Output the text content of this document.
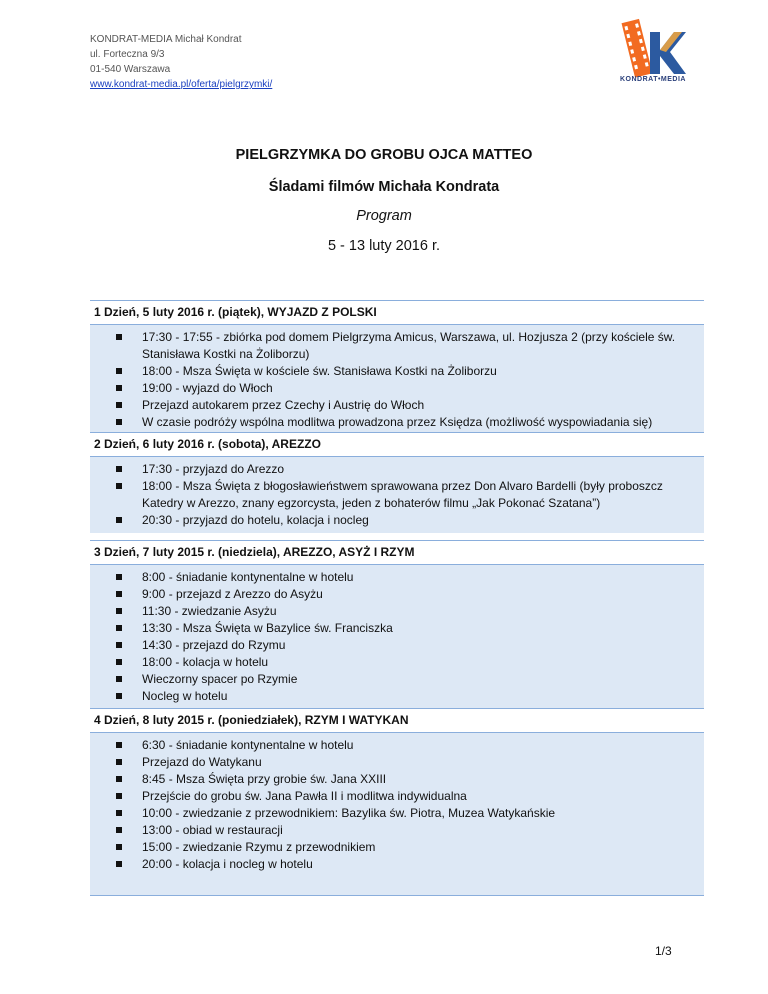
KONDRAT-MEDIA Michał Kondrat
ul. Forteczna 9/3
01-540 Warszawa
www.kondrat-media.pl/oferta/pielgrzymki/	KONDRAT•MEDIA
PIELGRZYMKA DO GROBU OJCA MATTEO
Śladami filmów Michała Kondrata
Program
5 - 13 luty 2016 r.
1 Dzień, 5 luty 2016 r. (piątek), WYJAZD Z POLSKI
17:30 - 17:55 - zbiórka pod domem Pielgrzyma Amicus, Warszawa, ul. Hozjusza 2 (przy kościele św. Stanisława Kostki na Żoliborzu)
18:00 - Msza Święta w kościele św. Stanisława Kostki na Żoliborzu
19:00 - wyjazd do Włoch
Przejazd autokarem przez Czechy i Austrię do Włoch
W czasie podróży wspólna modlitwa prowadzona przez Księdza (możliwość wyspowiadania się)
2 Dzień, 6 luty 2016 r. (sobota), AREZZO
17:30 - przyjazd do Arezzo
18:00 - Msza Święta z błogosławieństwem sprawowana przez Don Alvaro Bardelli (były proboszcz Katedry w Arezzo, znany egzorcysta, jeden z bohaterów filmu „Jak Pokonać Szatana”)
20:30 - przyjazd do hotelu, kolacja i nocleg
3 Dzień, 7 luty 2015 r. (niedziela), AREZZO, ASYŻ I RZYM
8:00 - śniadanie kontynentalne w hotelu
9:00 - przejazd z Arezzo do Asyżu
11:30 - zwiedzanie Asyżu
13:30 - Msza Święta w Bazylice św. Franciszka
14:30 - przejazd do Rzymu
18:00 - kolacja w hotelu
Wieczorny spacer po Rzymie
Nocleg w hotelu
4 Dzień, 8 luty 2015 r. (poniedziałek), RZYM I WATYKAN
6:30 - śniadanie kontynentalne w hotelu
Przejazd do Watykanu
8:45 - Msza Święta przy grobie św. Jana XXIII
Przejście do grobu św. Jana Pawła II i modlitwa indywidualna
10:00 - zwiedzanie z przewodnikiem: Bazylika św. Piotra, Muzea Watykańskie
13:00 - obiad w restauracji
15:00 - zwiedzanie Rzymu z przewodnikiem
20:00 - kolacja i nocleg w hotelu
1/3
